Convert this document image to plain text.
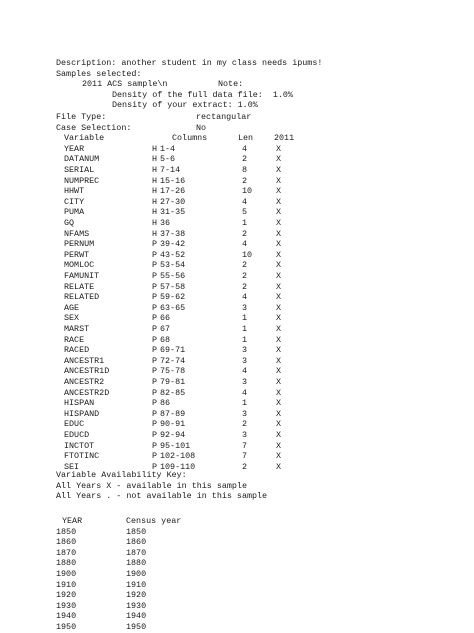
Description: another student in my class needs ipums!
Samples selected:
2011 ACS sample\n	Note:
Density of the full data file:  1.0%
Density of your extract: 1.0%
File Type:	rectangular
Case Selection:	No
Variable	Columns	Len 2011
YEAR	H 1-4	4	X
DATANUM	H 5-6	2	X
SERIAL	H 7-14	8	X
NUMPREC	H 15-16	2	X
HHWT	H 17-26	10	X
CITY	H 27-30	4	X
PUMA	H 31-35	5	X
GQ	H 36	1	X
NFAMS	H 37-38	2	X
PERNUM	P 39-42	4	X
PERWT	P 43-52	10	X
MOMLOC	P 53-54	2	X
FAMUNIT	P 55-56	2	X
RELATE	P 57-58	2	X
RELATED	P 59-62	4	X
AGE	P 63-65	3	X
SEX	P 66	1	X
MARST	P 67	1	X
RACE	P 68	1	X
RACED	P 69-71	3	X
ANCESTR1	P 72-74	3	X
ANCESTR1D	P 75-78	4	X
ANCESTR2	P 79-81	3	X
ANCESTR2D	P 82-85	4	X
HISPAN	P 86	1	X
HISPAND	P 87-89	3	X
EDUC	P 90-91	2	X
EDUCD	P 92-94	3	X
INCTOT	P 95-101	7	X
FTOTINC	P 102-108	7	X
SEI	P 109-110	2	X
Variable Availability Key:
All Years X - available in this sample
All Years . - not available in this sample
YEAR	Census year
1850	1850
1860	1860
1870	1870
1880	1880
1900	1900
1910	1910
1920	1920
1930	1930
1940	1940
1950	1950
